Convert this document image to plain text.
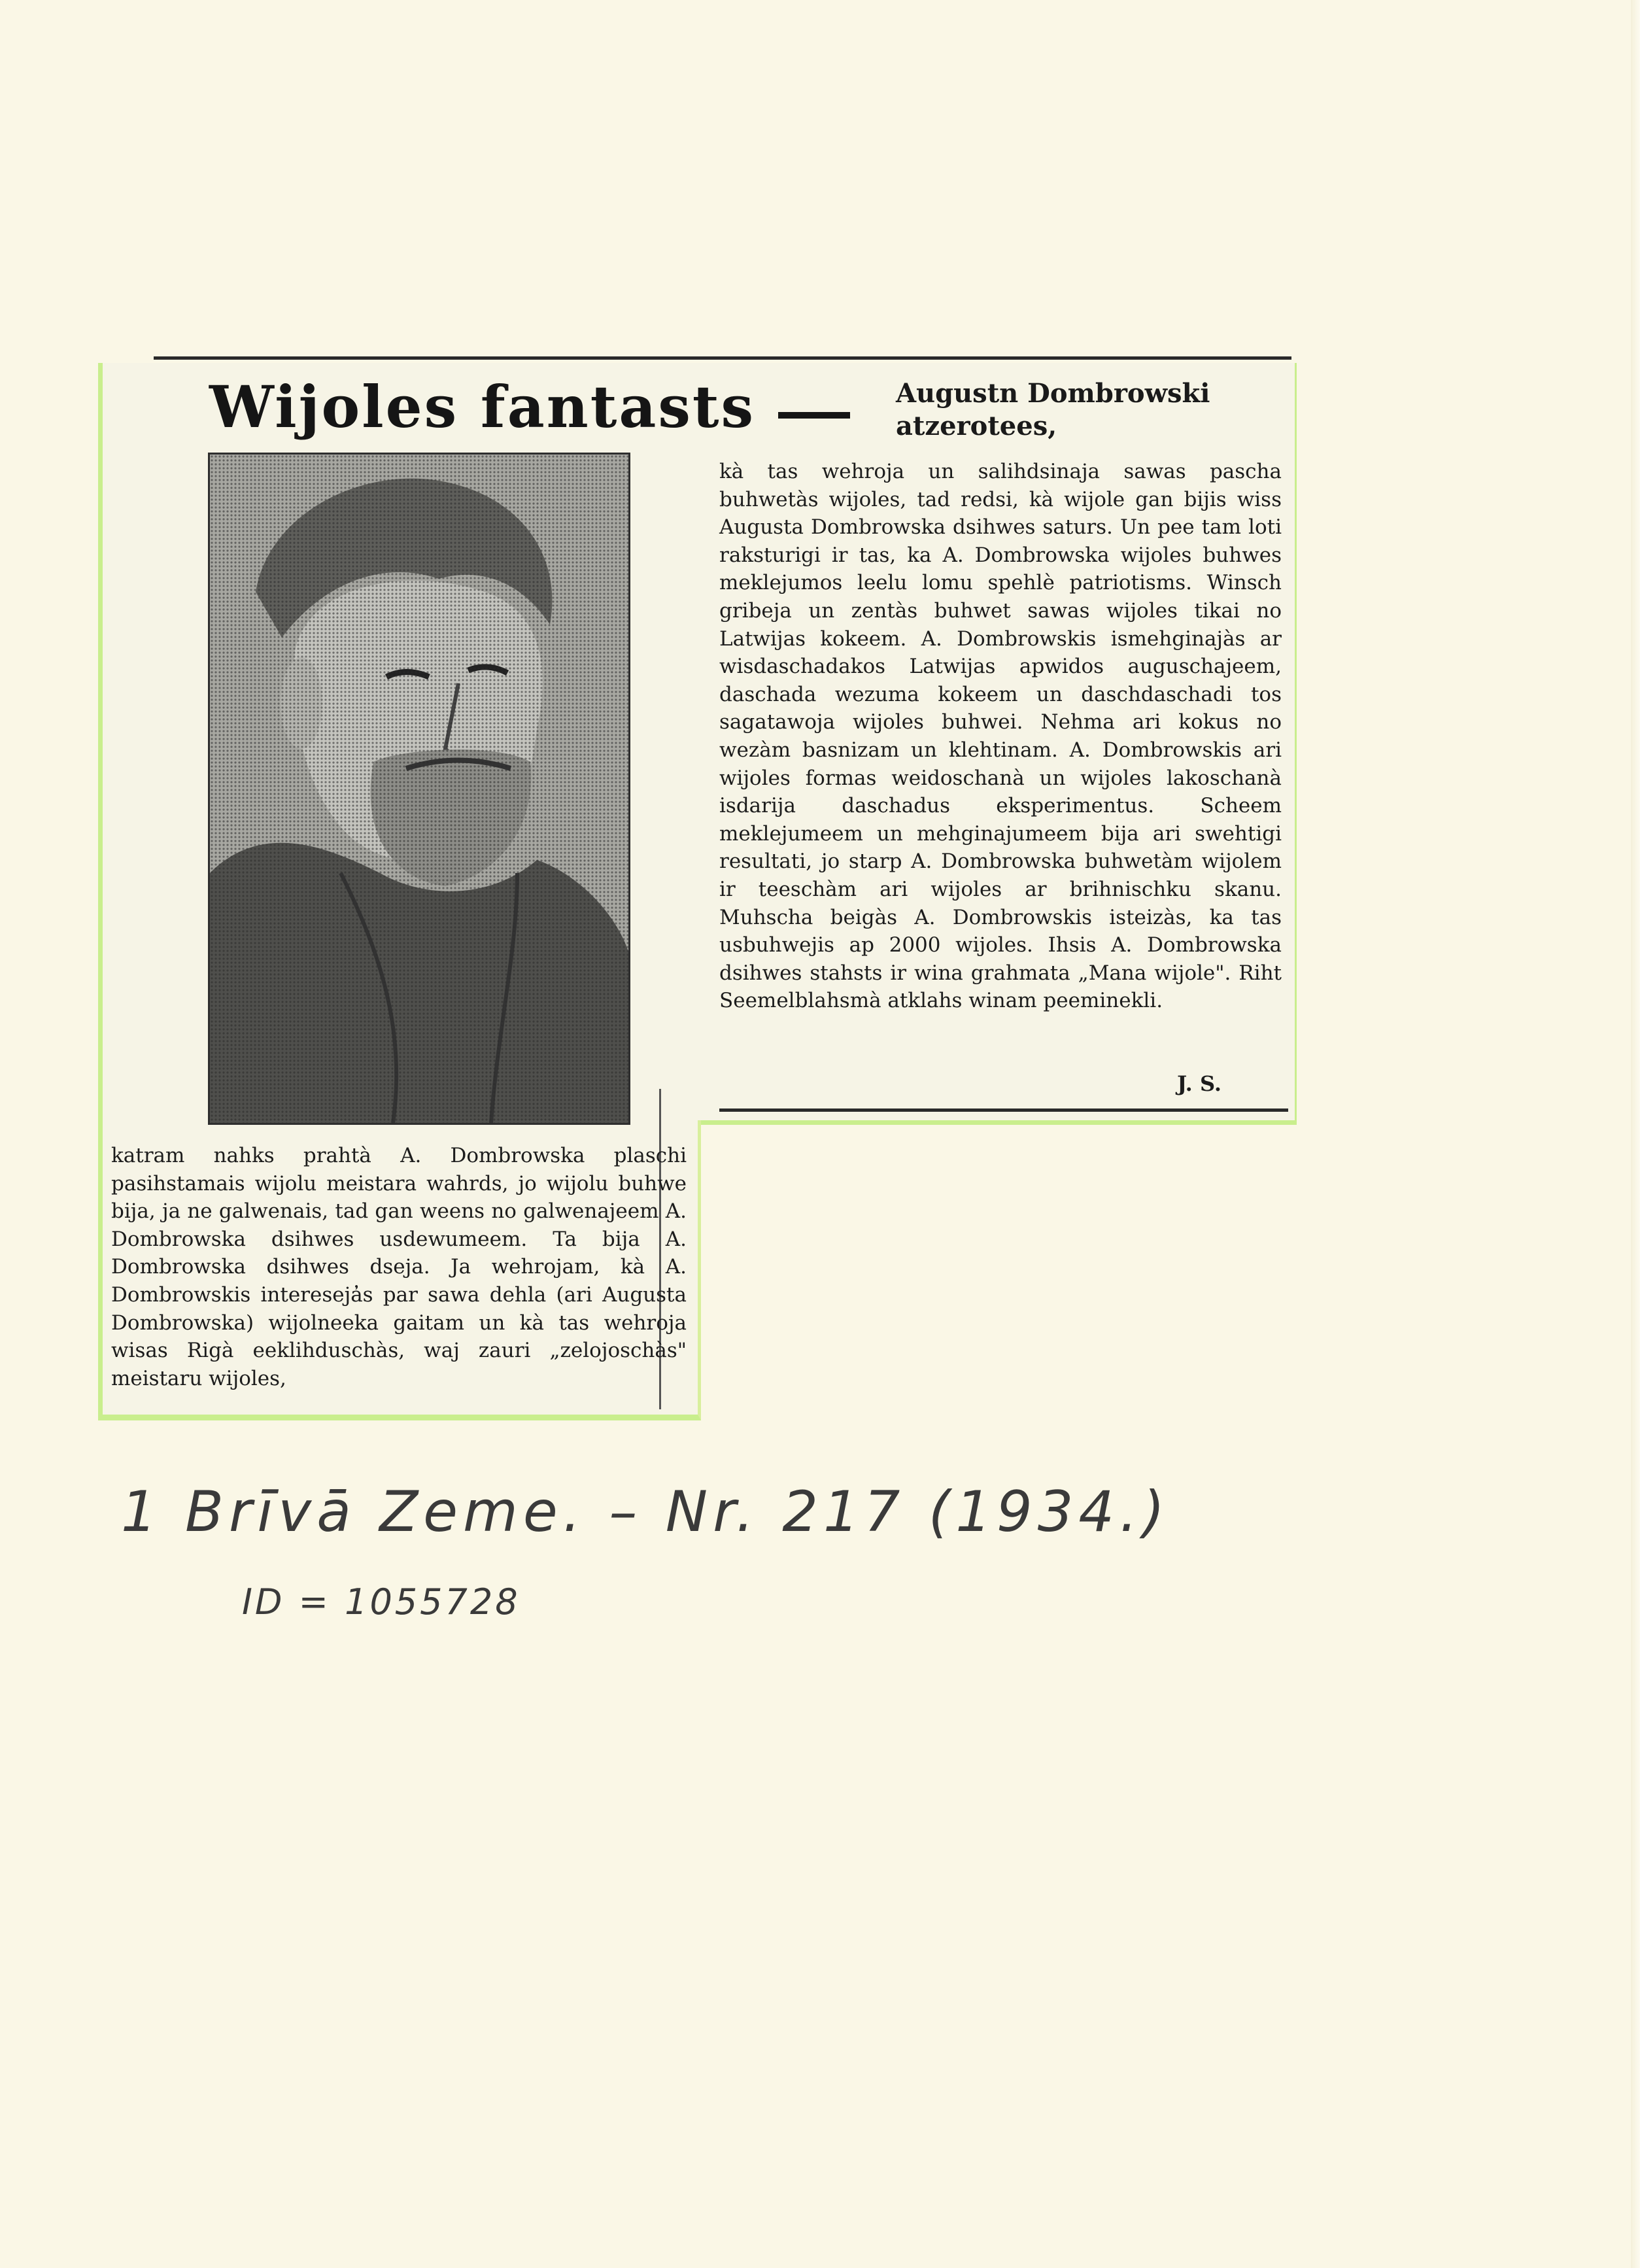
Wijoles fantasts	Augustn Dombrowski
atzerotees,
kà tas wehroja un salihdsinaja sawas pascha buhwetàs wijoles, tad redsi, kà wijole gan bijis wiss Augusta Dombrowska dsihwes saturs. Un pee tam loti raksturigi ir tas, ka A. Dombrowska wijoles buhwes meklejumos leelu lomu spehlè patriotisms. Winsch gribeja un zentàs buhwet sawas wijoles tikai no Latwijas kokeem. A. Dombrowskis ismehginajàs ar wisdaschadakos Latwijas apwidos auguschajeem, daschada wezuma kokeem un daschdaschadi tos sagatawoja wijoles buhwei. Nehma ari kokus no wezàm basnizam un klehtinam. A. Dombrowskis ari wijoles formas weidoschanà un wijoles lakoschanà isdarija daschadus eksperimentus. Scheem meklejumeem un mehginajumeem bija ari swehtigi resultati, jo starp A. Dombrowska buhwetàm wijolem ir teeschàm ari wijoles ar brihnischku skanu. Muhscha beigàs A. Dombrowskis isteizàs, ka tas usbuhwejis ap 2000 wijoles. Ihsis A. Dombrowska dsihwes stahsts ir wina grahmata „Mana wijole". Riht Seemelblahsmà atklahs winam peeminekli.
J. S.
katram nahks prahtà A. Dombrowska plaschi pasihstamais wijolu meistara wahrds, jo wijolu buhwe bija, ja ne galwenais, tad gan weens no galwenajeem A. Dombrowska dsihwes usdewumeem. Ta bija A. Dombrowska dsihwes dseja. Ja wehrojam, kà A. Dombrowskis intereseja̓s par sawa dehla (ari Augusta Dombrowska) wijolneeka gaitam un kà tas wehroja wisas Rigà eeklihduschàs, waj zauri „zelojoschàs" meistaru wijoles,
1 Brīvā Zeme. – Nr. 217 (1934.)
ID = 1055728
